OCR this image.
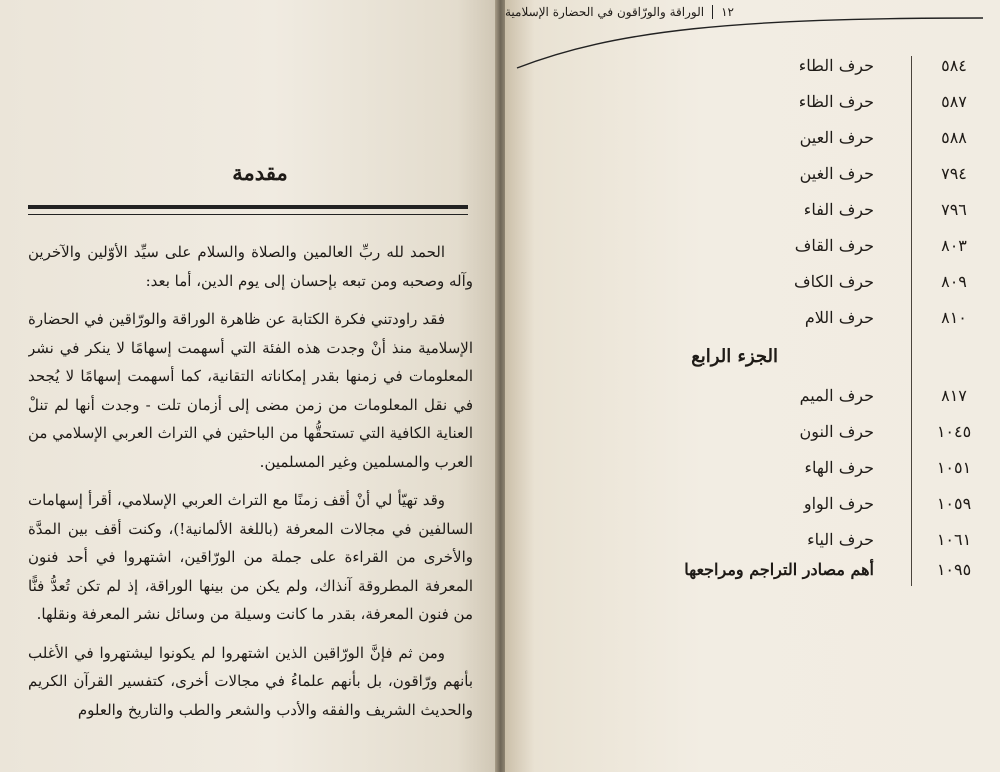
مقدمة

الحمد لله ربِّ العالمين والصلاة والسلام على سيِّد الأوّلين والآخرين وآله وصحبه ومن تبعه بإحسان إلى يوم الدين، أما بعد:

فقد راودتني فكرة الكتابة عن ظاهرة الوراقة والورّاقين في الحضارة الإسلامية منذ أنْ وجدت هذه الفئة التي أسهمت إسهامًا لا ينكر في نشر المعلومات في زمنها بقدر إمكاناته التقانية، كما أسهمت إسهامًا لا يُجحد في نقل المعلومات من زمن مضى إلى أزمان تلت - وجدت أنها لم تنلْ العناية الكافية التي تستحقُّها من الباحثين في التراث العربي الإسلامي من العرب والمسلمين وغير المسلمين.

وقد تهيّأ لي أنْ أقف زمنًا مع التراث العربي الإسلامي، أقرأ إسهامات السالفين في مجالات المعرفة (باللغة الألمانية!)، وكنت أقف بين المدَّة والأخرى من القراءة على جملة من الورّاقين، اشتهروا في أحد فنون المعرفة المطروقة آنذاك، ولم يكن من بينها الوراقة، إذ لم تكن تُعدُّ فنًّا من فنون المعرفة، بقدر ما كانت وسيلة من وسائل نشر المعرفة ونقلها.

ومن ثم فإنَّ الورّاقين الذين اشتهروا لم يكونوا ليشتهروا في الأغلب بأنهم ورّاقون، بل بأنهم علماءُ في مجالات أخرى، كتفسير القرآن الكريم والحديث الشريف والفقه والأدب والشعر والطب والتاريخ والعلوم

١٢
الوراقة والورّاقون في الحضارة الإسلامية
حرف الطاء	٥٨٤
حرف الظاء	٥٨٧
حرف العين	٥٨٨
حرف الغين	٧٩٤
حرف الفاء	٧٩٦
حرف القاف	٨٠٣
حرف الكاف	٨٠٩
حرف اللام	٨١٠
الجزء الرابع
حرف الميم	٨١٧
حرف النون	١٠٤٥
حرف الهاء	١٠٥١
حرف الواو	١٠٥٩
حرف الياء	١٠٦١
أهم مصادر التراجم ومراجعها	١٠٩٥
